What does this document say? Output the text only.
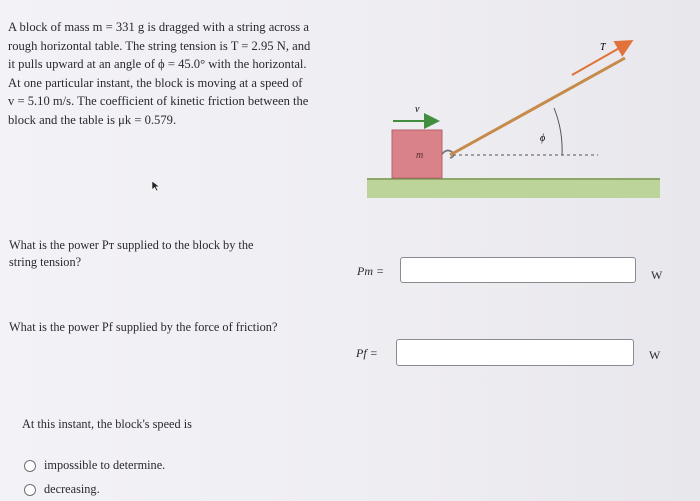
A block of mass m = 331 g is dragged with a string across a

rough horizontal table. The string tension is T = 2.95 N, and

it pulls upward at an angle of ϕ = 45.0° with the horizontal.

At one particular instant, the block is moving at a speed of

v = 5.10 m/s. The coefficient of kinetic friction between the

block and the table is μk = 0.579.

m
T⃗
ϕ
v⃗
What is the power Pт supplied to the block by the string tension?
Pт =	W
What is the power Pf supplied by the force of friction?
Pf =	W
At this instant, the block's speed is
impossible to determine.
decreasing.
